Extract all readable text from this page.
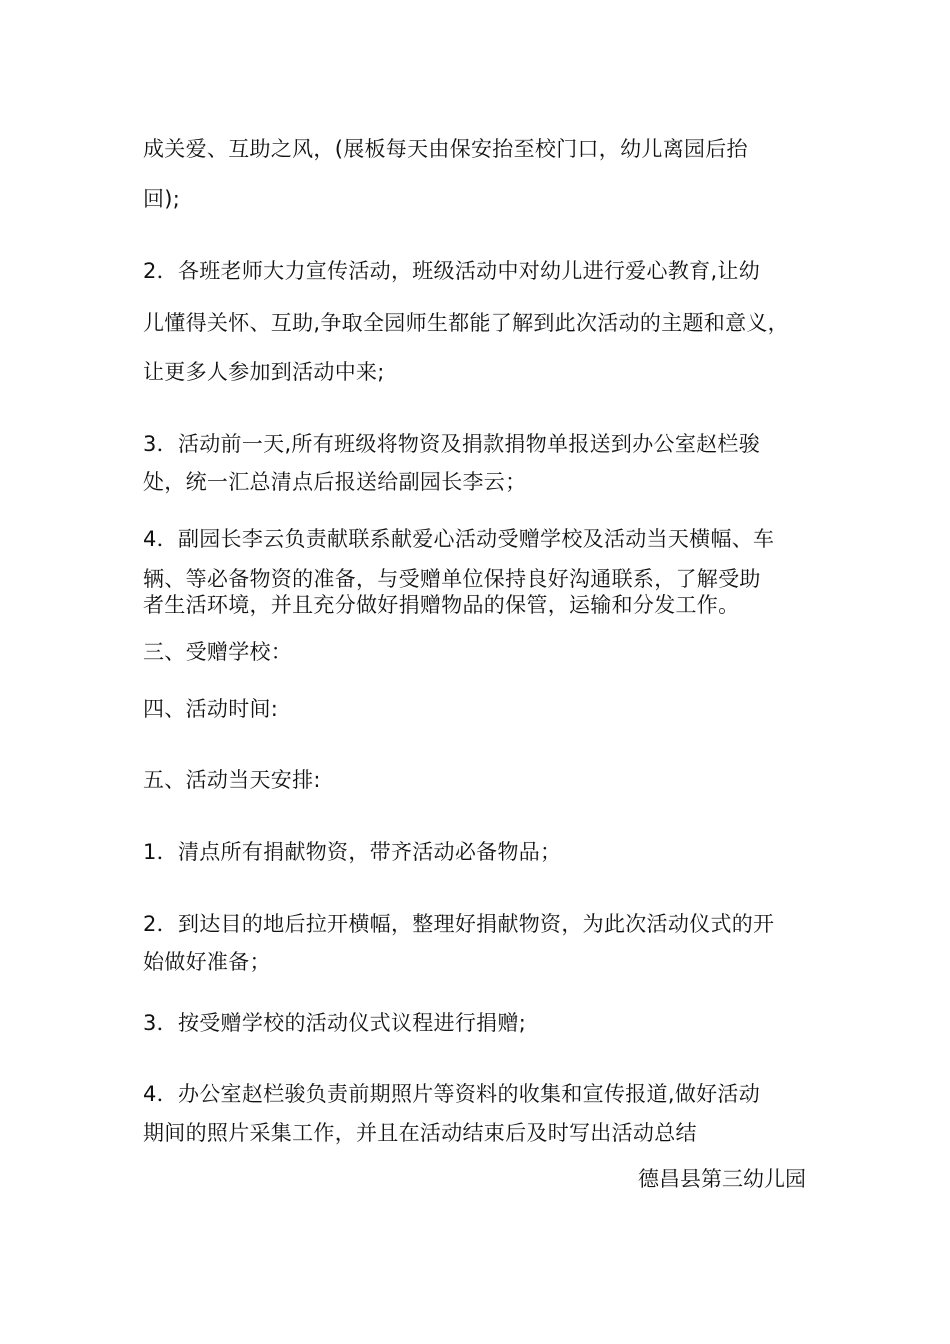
成关爱、互助之风，(展板每天由保安抬至校门口，幼儿离园后抬
回);
2．各班老师大力宣传活动，班级活动中对幼儿进行爱心教育,让幼
儿懂得关怀、互助,争取全园师生都能了解到此次活动的主题和意义，
让更多人参加到活动中来;
3．活动前一天,所有班级将物资及捐款捐物单报送到办公室赵栏骏
处，统一汇总清点后报送给副园长李云；
4．副园长李云负责献联系献爱心活动受赠学校及活动当天横幅、车
辆、等必备物资的准备，与受赠单位保持良好沟通联系，了解受助
者生活环境，并且充分做好捐赠物品的保管，运输和分发工作。
三、受赠学校：
四、活动时间:
五、活动当天安排:
1．清点所有捐献物资，带齐活动必备物品；
2．到达目的地后拉开横幅，整理好捐献物资，为此次活动仪式的开
始做好准备；
3．按受赠学校的活动仪式议程进行捐赠;
4．办公室赵栏骏负责前期照片等资料的收集和宣传报道,做好活动
期间的照片采集工作，并且在活动结束后及时写出活动总结
德昌县第三幼儿园
